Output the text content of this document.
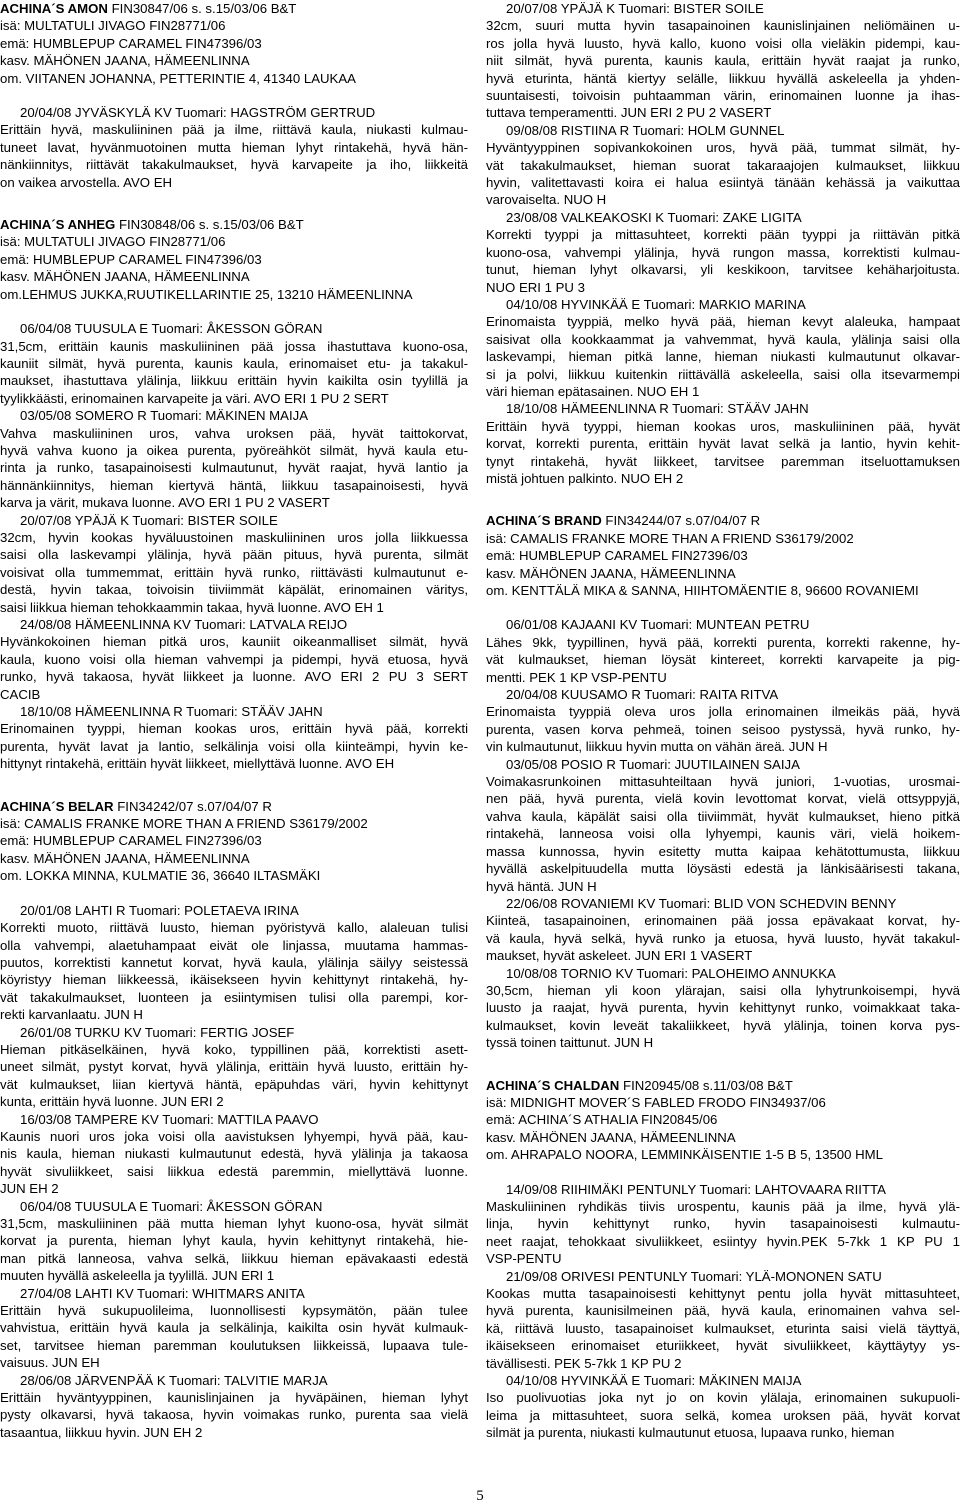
ACHINA´S AMON FIN30847/06 s. s.15/03/06 B&T
isä: MULTATULI JIVAGO FIN28771/06
emä: HUMBLEPUP CARAMEL FIN47396/03
kasv. MÄHÖNEN JAANA, HÄMEENLINNA
om. VIITANEN JOHANNA, PETTERINTIE 4, 41340 LAUKAA
20/04/08 JYVÄSKYLÄ KV Tuomari: HAGSTRÖM GERTRUD
Erittäin hyvä, maskuliininen pää ja ilme, riittävä kaula, niukasti kulmau-
tuneet lavat, hyvänmuotoinen mutta hieman lyhyt rintakehä, hyvä hän-
nänkiinnitys, riittävät takakulmaukset, hyvä karvapeite ja iho, liikkeitä
on vaikea arvostella. AVO EH
ACHINA´S ANHEG FIN30848/06 s. s.15/03/06 B&T
isä: MULTATULI JIVAGO FIN28771/06
emä: HUMBLEPUP CARAMEL FIN47396/03
kasv. MÄHÖNEN JAANA, HÄMEENLINNA
om.LEHMUS JUKKA,RUUTIKELLARINTIE 25, 13210 HÄMEENLINNA
06/04/08 TUUSULA E Tuomari: ÅKESSON GÖRAN
31,5cm, erittäin kaunis maskuliininen pää jossa ihastuttava kuono-osa,
kauniit silmät, hyvä purenta, kaunis kaula, erinomaiset etu- ja takakul-
maukset, ihastuttava ylälinja, liikkuu erittäin hyvin kaikilta osin tyylillä ja
tyylikkäästi, erinomainen karvapeite ja väri. AVO ERI 1 PU 2 SERT
03/05/08 SOMERO R Tuomari: MÄKINEN MAIJA
Vahva maskuliininen uros, vahva uroksen pää, hyvät taittokorvat,
hyvä vahva kuono ja oikea purenta, pyöreähköt silmät, hyvä kaula etu-
rinta ja runko, tasapainoisesti kulmautunut, hyvät raajat, hyvä lantio ja
hännänkiinnitys, hieman kiertyvä häntä, liikkuu tasapainoisesti, hyvä
karva ja värit, mukava luonne. AVO ERI 1 PU 2 VASERT
20/07/08 YPÄJÄ K Tuomari: BISTER SOILE
32cm, hyvin kookas hyväluustoinen maskuliininen uros jolla liikkuessa
saisi olla laskevampi ylälinja, hyvä pään pituus, hyvä purenta, silmät
voisivat olla tummemmat, erittäin hyvä runko, riittävästi kulmautunut e-
destä, hyvin takaa, toivoisin tiiviimmät käpälät, erinomainen väritys,
saisi liikkua hieman tehokkaammin takaa, hyvä luonne. AVO EH 1
24/08/08 HÄMEENLINNA KV Tuomari: LATVALA REIJO
Hyvänkokoinen hieman pitkä uros, kauniit oikeanmalliset silmät, hyvä
kaula, kuono voisi olla hieman vahvempi ja pidempi, hyvä etuosa, hyvä
runko, hyvä takaosa, hyvät liikkeet ja luonne. AVO ERI 2 PU 3 SERT
CACIB
18/10/08 HÄMEENLINNA R Tuomari: STÄÄV JAHN
Erinomainen tyyppi, hieman kookas uros, erittäin hyvä pää, korrekti
purenta, hyvät lavat ja lantio, selkälinja voisi olla kiinteämpi, hyvin ke-
hittynyt rintakehä, erittäin hyvät liikkeet, miellyttävä luonne. AVO EH
ACHINA´S BELAR FIN34242/07 s.07/04/07 R
isä: CAMALIS FRANKE MORE THAN A FRIEND S36179/2002
emä: HUMBLEPUP CARAMEL FIN27396/03
kasv. MÄHÖNEN JAANA, HÄMEENLINNA
om. LOKKA MINNA, KULMATIE 36, 36640 ILTASMÄKI
20/01/08 LAHTI R Tuomari: POLETAEVA IRINA
Korrekti muoto, riittävä luusto, hieman pyöristyvä kallo, alaleuan tulisi
olla vahvempi, alaetuhampaat eivät ole linjassa, muutama hammas-
puutos, korrektisti kannetut korvat, hyvä kaula, ylälinja säilyy seistessä
köyristyy hieman liikkeessä, ikäisekseen hyvin kehittynyt rintakehä, hy-
vät takakulmaukset, luonteen ja esiintymisen tulisi olla parempi, kor-
rekti karvanlaatu. JUN H
26/01/08 TURKU KV Tuomari: FERTIG JOSEF
Hieman pitkäselkäinen, hyvä koko, typpillinen pää, korrektisti asett-
uneet silmät, pystyt korvat, hyvä ylälinja, erittäin hyvä luusto, erittäin hy-
vät kulmaukset, liian kiertyvä häntä, epäpuhdas väri, hyvin kehittynyt
kunta, erittäin hyvä luonne. JUN ERI 2
16/03/08 TAMPERE KV Tuomari: MATTILA PAAVO
Kaunis nuori uros joka voisi olla aavistuksen lyhyempi, hyvä pää, kau-
nis kaula, hieman niukasti kulmautunut edestä, hyvä ylälinja ja takaosa
hyvät sivuliikkeet, saisi liikkua edestä paremmin, miellyttävä luonne.
JUN EH 2
06/04/08 TUUSULA E Tuomari: ÅKESSON GÖRAN
31,5cm, maskuliininen pää mutta hieman lyhyt kuono-osa, hyvät silmät
korvat ja purenta, hieman lyhyt kaula, hyvin kehittynyt rintakehä, hie-
man pitkä lanneosa, vahva selkä, liikkuu hieman epävakaasti edestä
muuten hyvällä askeleella ja tyylillä. JUN ERI 1
27/04/08 LAHTI KV Tuomari: WHITMARS ANITA
Erittäin hyvä sukupuolileima, luonnollisesti kypsymätön, pään tulee
vahvistua, erittäin hyvä kaula ja selkälinja, kaikilta osin hyvät kulmauk-
set, tarvitsee hieman paremman koulutuksen liikkeissä, lupaava tule-
vaisuus. JUN EH
28/06/08 JÄRVENPÄÄ K Tuomari: TALVITIE MARJA
Erittäin hyväntyyppinen, kaunislinjainen ja hyväpäinen, hieman lyhyt
pysty olkavarsi, hyvä takaosa, hyvin voimakas runko, purenta saa vielä
tasaantua, liikkuu hyvin. JUN EH 2
20/07/08 YPÄJÄ K Tuomari: BISTER SOILE
32cm, suuri mutta hyvin tasapainoinen kaunislinjainen neliömäinen u-
ros jolla hyvä luusto, hyvä kallo, kuono voisi olla vieläkin pidempi, kau-
niit silmät, hyvä purenta, kaunis kaula, erittäin hyvät raajat ja runko,
hyvä eturinta, häntä kiertyy selälle, liikkuu hyvällä askeleella ja yhden-
suuntaisesti, toivoisin puhtaamman värin, erinomainen luonne ja ihas-
tuttava temperamentti. JUN ERI 2 PU 2 VASERT
09/08/08 RISTIINA R Tuomari: HOLM GUNNEL
Hyväntyyppinen sopivankokoinen uros, hyvä pää, tummat silmät, hy-
vät takakulmaukset, hieman suorat takaraajojen kulmaukset, liikkuu
hyvin, valitettavasti koira ei halua esiintyä tänään kehässä ja vaikuttaa
varovaiselta. NUO H
23/08/08 VALKEAKOSKI K Tuomari: ZAKE LIGITA
Korrekti tyyppi ja mittasuhteet, korrekti pään tyyppi ja riittävän pitkä
kuono-osa, vahvempi ylälinja, hyvä rungon massa, korrektisti kulmau-
tunut, hieman lyhyt olkavarsi, yli keskikoon, tarvitsee kehäharjoitusta.
NUO ERI 1 PU 3
04/10/08 HYVINKÄÄ E Tuomari: MARKIO MARINA
Erinomaista tyyppiä, melko hyvä pää, hieman kevyt alaleuka, hampaat
saisivat olla kookkaammat ja vahvemmat, hyvä kaula, ylälinja saisi olla
laskevampi, hieman pitkä lanne, hieman niukasti kulmautunut olkavar-
si ja polvi, liikkuu kuitenkin riittävällä askeleella, saisi olla itsevarmempi
väri hieman epätasainen. NUO EH 1
18/10/08 HÄMEENLINNA R Tuomari: STÄÄV JAHN
Erittäin hyvä tyyppi, hieman kookas uros, maskuliininen pää, hyvät
korvat, korrekti purenta, erittäin hyvät lavat selkä ja lantio, hyvin kehit-
tynyt rintakehä, hyvät liikkeet, tarvitsee paremman itseluottamuksen
mistä johtuen palkinto. NUO EH 2
ACHINA´S BRAND FIN34244/07 s.07/04/07 R
isä: CAMALIS FRANKE MORE THAN A FRIEND S36179/2002
emä: HUMBLEPUP CARAMEL FIN27396/03
kasv. MÄHÖNEN JAANA, HÄMEENLINNA
om. KENTTÄLÄ MIKA & SANNA, HIIHTOMÄENTIE 8, 96600 ROVANIEMI
06/01/08 KAJAANI KV Tuomari: MUNTEAN PETRU
Lähes 9kk, tyypillinen, hyvä pää, korrekti purenta, korrekti rakenne, hy-
vät kulmaukset, hieman löysät kintereet, korrekti karvapeite ja pig-
mentti. PEK 1 KP VSP-PENTU
20/04/08 KUUSAMO R Tuomari: RAITA RITVA
Erinomaista tyyppiä oleva uros jolla erinomainen ilmeikäs pää, hyvä
purenta, vasen korva pehmeä, toinen seisoo pystyssä, hyvä runko, hy-
vin kulmautunut, liikkuu hyvin mutta on vähän äreä. JUN H
03/05/08 POSIO R Tuomari: JUUTILAINEN SAIJA
Voimakasrunkoinen mittasuhteiltaan hyvä juniori, 1-vuotias, urosmai-
nen pää, hyvä purenta, vielä kovin levottomat korvat, vielä ottsyppyjä,
vahva kaula, käpälät saisi olla tiiviimmät, hyvät kulmaukset, hieno pitkä
rintakehä, lanneosa voisi olla lyhyempi, kaunis väri, vielä hoikem-
massa kunnossa, hyvin esitetty mutta kaipaa kehätottumusta, liikkuu
hyvällä askelpituudella mutta löysästi edestä ja länkisäärisesti takana,
hyvä häntä. JUN H
22/06/08 ROVANIEMI KV Tuomari: BLID VON SCHEDVIN BENNY
Kiinteä, tasapainoinen, erinomainen pää jossa epävakaat korvat, hy-
vä kaula, hyvä selkä, hyvä runko ja etuosa, hyvä luusto, hyvät takakul-
maukset, hyvät askeleet. JUN ERI 1 VASERT
10/08/08 TORNIO KV Tuomari: PALOHEIMO ANNUKKA
30,5cm, hieman yli koon ylärajan, saisi olla lyhytrunkoisempi, hyvä
luusto ja raajat, hyvä purenta, hyvin kehittynyt runko, voimakkaat taka-
kulmaukset, kovin leveät takaliikkeet, hyvä ylälinja, toinen korva pys-
tyssä toinen taittunut. JUN H
ACHINA´S CHALDAN FIN20945/08 s.11/03/08 B&T
isä: MIDNIGHT MOVER´S FABLED FRODO FIN34937/06
emä: ACHINA´S ATHALIA FIN20845/06
kasv. MÄHÖNEN JAANA, HÄMEENLINNA
om. AHRAPALO NOORA, LEMMINKÄISENTIE 1-5 B 5, 13500 HML
14/09/08 RIIHIMÄKI PENTUNLY Tuomari: LAHTOVAARA RIITTA
Maskuliininen ryhdikäs tiivis urospentu, kaunis pää ja ilme, hyvä ylä-
linja, hyvin kehittynyt runko, hyvin tasapainoisesti kulmautu-
neet raajat, tehokkaat sivuliikkeet, esiintyy hyvin.PEK 5-7kk 1 KP PU 1
VSP-PENTU
21/09/08 ORIVESI PENTUNLY Tuomari: YLÄ-MONONEN SATU
Kookas mutta tasapainoisesti kehittynyt pentu jolla hyvät mittasuhteet,
hyvä purenta, kaunisilmeinen pää, hyvä kaula, erinomainen vahva sel-
kä, riittävä luusto, tasapainoiset kulmaukset, eturinta saisi vielä täyttyä,
ikäisekseen erinomaiset eturiikkeet, hyvät sivuliikkeet, käyttäytyy ys-
tävällisesti. PEK 5-7kk 1 KP PU 2
04/10/08 HYVINKÄÄ E Tuomari: MÄKINEN MAIJA
Iso puolivuotias joka nyt jo on kovin ylälaja, erinomainen sukupuoli-
leima ja mittasuhteet, suora selkä, komea uroksen pää, hyvät korvat
silmät ja purenta, niukasti kulmautunut etuosa, lupaava runko, hieman
5
